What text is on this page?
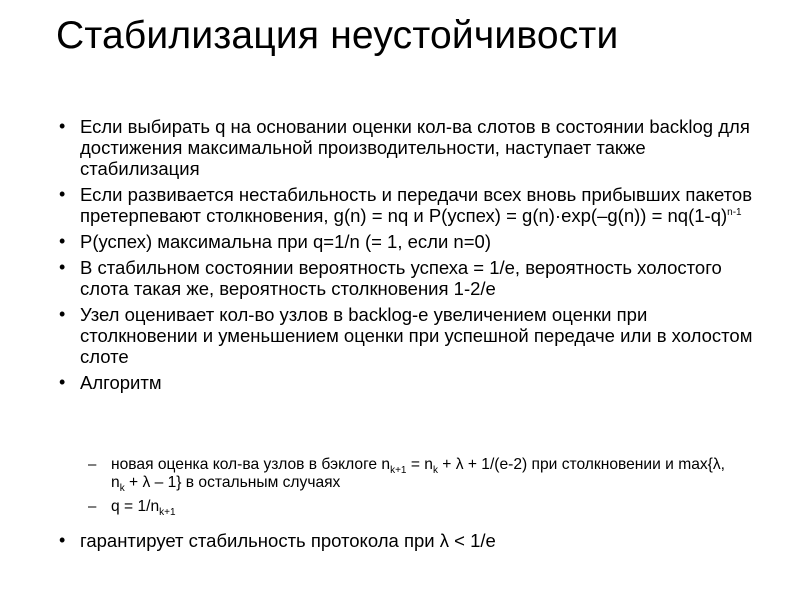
Стабилизация неустойчивости
• Если выбирать q на основании оценки кол-ва слотов в состоянии backlog для достижения максимальной производительности, наступает также стабилизация
• Если развивается нестабильность и передачи всех вновь прибывших пакетов претерпевают столкновения, g(n) = nq и P(успех) = $g(n)\cdot\exp(-g(n)) = nq(1-q)^{n-1}$
• P(успех) максимальна при q=1/n (= 1, если n=0)
• В стабильном состоянии вероятность успеха = 1/e, вероятность холостого слота такая же, вероятность столкновения 1-2/e
• Узел оценивает кол-во узлов в backlog-е увеличением оценки при столкновении и уменьшением оценки при успешной передаче или в холостом слоте
• Алгоритм
– новая оценка кол-ва узлов в бэклоге $n_{k+1} = n_k + \lambda + 1/(e-2)$ при столкновении и max{λ, $n_k + \lambda - 1$} в остальным случаях
– $q = 1/n_{k+1}$
• гарантирует стабильность протокола при λ < 1/e
